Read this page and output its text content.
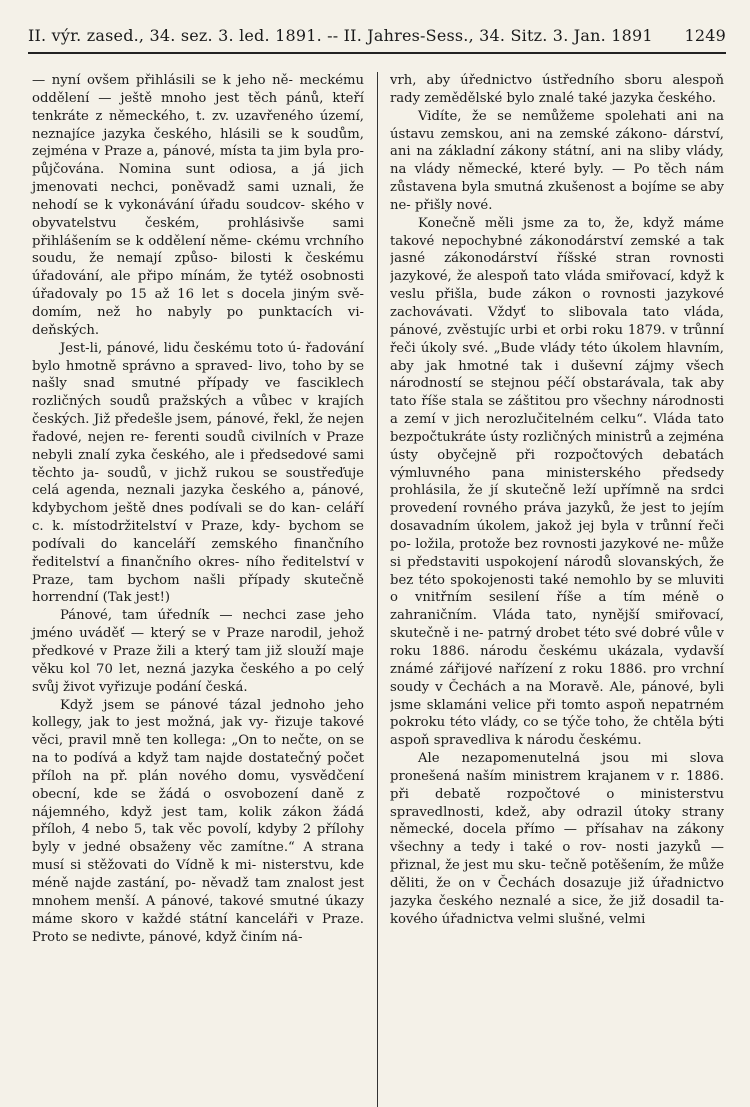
II. výr. zased., 34. sez. 3. led. 1891. -- II. Jahres-Sess., 34. Sitz. 3. Jan. 1891 1249

— nyní ovšem přihlásili se k jeho ně- meckému oddělení — ještě mnoho jest těch pánů, kteří tenkráte z německého, t. zv. uzavřeného území, neznajíce jazyka českého, hlásili se k soudům, zejména v Praze a, pánové, místa ta jim byla pro- půjčována. Nomina sunt odiosa, a já jich jmenovati nechci, poněvadž sami uznali, že nehodí se k vykonávání úřadu soudcov- ského v obyvatelstvu českém, prohlásivše sami přihlášením se k oddělení němе- ckému vrchního soudu, že nemají způso- bilosti k českému úřadování, ale připo mínám, že tytéž osobnosti úřadovaly po 15 až 16 let s docela jiným svě- domím, než ho nabyly po punktacích vi- deňských.

Jest-li, pánové, lidu českému toto ú- řadování bylo hmotně správno a spraved- livo, toho by se našly snad smutné případy ve fasciklech rozličných soudů pražských a vůbec v krajích českých. Již předešle jsem, pánové, řekl, že nejen řadové, nejen re- ferenti soudů civilních v Praze nebyli znalí zyka českého, ale i předsedové sami těchto ja- soudů, v jichž rukou se soustřeďuje celá agenda, neznali jazyka českého a, pánové, kdybychom ještě dnes podívali se do kan- celáří c. k. místodržitelství v Praze, kdy- bychom se podívali do kanceláří zemského finančního ředitelství a finančního okres- ního ředitelství v Praze, tam bychom našli případy skutečně horrendní (Tak jest!)

Pánové, tam úředník — nechci zase jeho jméno uváděť — který se v Praze narodil, jehož předkové v Praze žili a který tam již slouží maje věku kol 70 let, nezná jazyka českého a po celý svůj život vyřizuje podání česká.

Když jsem se pánové tázal jednoho jeho kollegy, jak to jest možná, jak vy- řizuje takové věci, pravil mně ten kollega: „On to nečte, on se na to podívá a když tam najde dostatečný počet příloh na př. plán nového domu, vysvědčení obecní, kde se žádá o osvobození daně z nájemného, když jest tam, kolik zákon žádá příloh, 4 nebo 5, tak věc povolí, kdyby 2 přílohy byly v jedné obsaženy věc zamítne.“ A strana musí si stěžovati do Vídně k mi- nisterstvu, kde méně najde zastání, po- něvadž tam znalost jest mnohem menší. A pánové, takové smutné úkazy máme skoro v každé státní kanceláři v Praze. Proto se nedivte, pánové, když činím ná-

vrh, aby úřednictvo ústředního sboru alespoň rady zemědělské bylo znalé také jazyka českého.

Vidíte, že se nemůžeme spolehati ani na ústavu zemskou, ani na zemské zákono- dárství, ani na základní zákony státní, ani na sliby vlády, na vlády německé, které byly. — Po těch nám zůstavena byla smutná zkušenost a bojíme se aby ne- přišly nové.

Konečně měli jsme za to, že, když máme takové nepochybné zákonodárství zemské a tak jasné zákonodárství říšské stran rovnosti jazykové, že alespoň tato vláda smiřovací, když k veslu přišla, bude zákon o rovnosti jazykové zachovávati. Vždyť to slibovala tato vláda, pánové, zvěstujíc urbi et orbi roku 1879. v trůnní řeči úkoly své. „Bude vlády této úkolem hlavním, aby jak hmotné tak i duševní zájmy všech národností se stejnou péčí obstarávala, tak aby tato říše stala se záštitou pro všechny národnosti a zemí v jich nerozlučitelném celku“. Vláda tato bezpočtukráte ústy rozličných ministrů a zejména ústy obyčejně při rozpočtových debatách výmluvného pana ministerského předsedy prohlásila, že jí skutečně leží upřímně na srdci provedení rovného práva jazyků, že jest to jejím dosavadním úkolem, jakož jej byla v trůnní řeči po- ložila, protože bez rovnosti jazykové ne- může si představiti uspokojení národů slovanských, že bez této spokojenosti také nemohlo by se mluviti o vnitřním sesilení říše a tím méně o zahraničním. Vláda tato, nynější smiřovací, skutečně i ne- patrný drobet této své dobré vůle v roku 1886. národu českému ukázala, vydavší známé zářijové nařízení z roku 1886. pro vrchní soudy v Čechách a na Moravě. Ale, pánové, byli jsme sklamáni velice při tomto aspoň nepatrném pokroku této vlády, co se týče toho, že chtěla býti aspoň spravedliva k národu českému.

Ale nezapomenutelná jsou mi slova pronešená naším ministrem krajanem v r. 1886. při debatě rozpočtové o ministerstvu spravedlnosti, kdež, aby odrazil útoky strany německé, docela přímo — přísahav na zákony všechny a tedy i také o rov- nosti jazyků — přiznal, že jest mu sku- tečně potěšením, že může děliti, že on v Čechách dosazuje již úřadnictvo jazyka českého neznalé a sice, že již dosadil ta- kového úřadnictva velmi slušné, velmi
